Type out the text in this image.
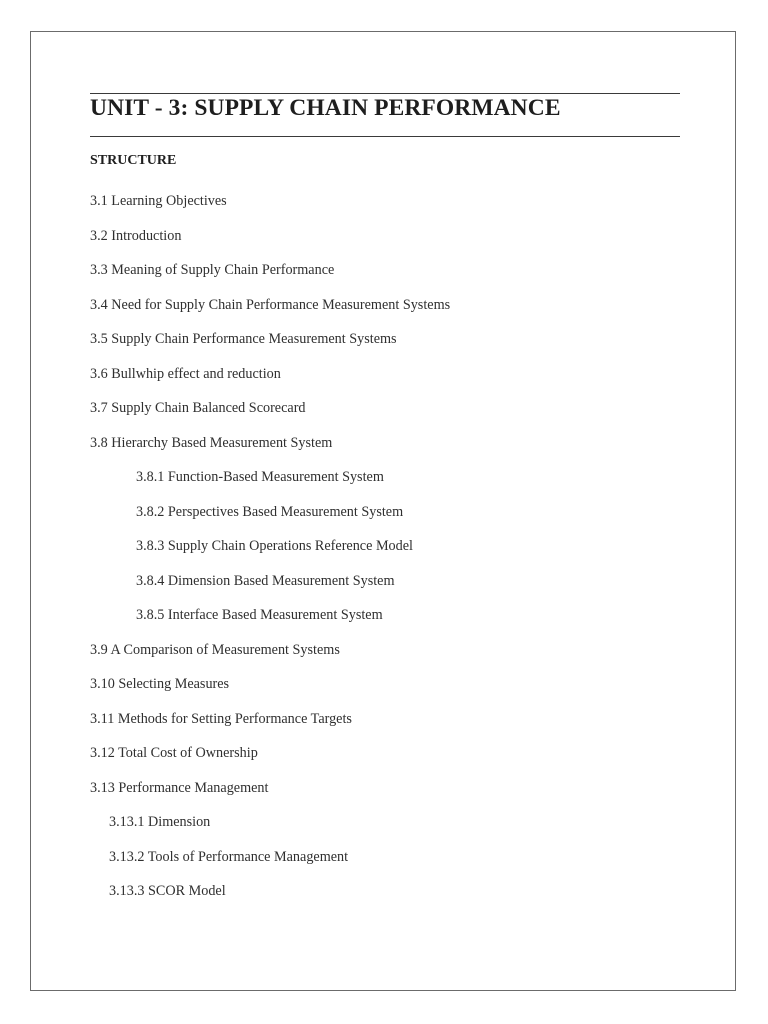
UNIT - 3: SUPPLY CHAIN PERFORMANCE
STRUCTURE
3.1 Learning Objectives
3.2 Introduction
3.3 Meaning of Supply Chain Performance
3.4 Need for Supply Chain Performance Measurement Systems
3.5 Supply Chain Performance Measurement Systems
3.6 Bullwhip effect and reduction
3.7 Supply Chain Balanced Scorecard
3.8 Hierarchy Based Measurement System
3.8.1 Function-Based Measurement System
3.8.2 Perspectives Based Measurement System
3.8.3 Supply Chain Operations Reference Model
3.8.4 Dimension Based Measurement System
3.8.5 Interface Based Measurement System
3.9 A Comparison of Measurement Systems
3.10 Selecting Measures
3.11 Methods for Setting Performance Targets
3.12 Total Cost of Ownership
3.13 Performance Management
3.13.1 Dimension
3.13.2 Tools of Performance Management
3.13.3 SCOR Model
